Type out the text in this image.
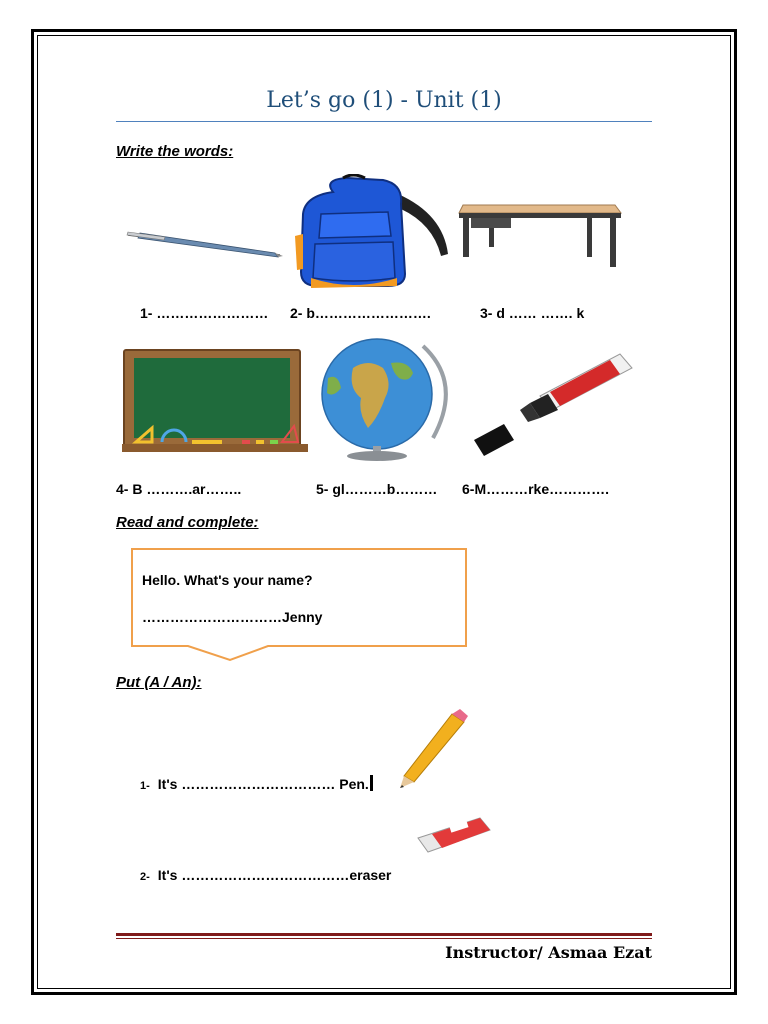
Let’s go (1) - Unit (1)
Write the words:
1- …………………… 2- b…………………….	3- d …… ……. k
4- B ……….ar……..	5- gl………b……… 6-M………rke………….
Read and complete:
Hello. What's your name?
…………………………Jenny
Put (A / An):
1- It's …………………………… Pen.
2- It's ………………………………eraser
Instructor/ Asmaa Ezat
